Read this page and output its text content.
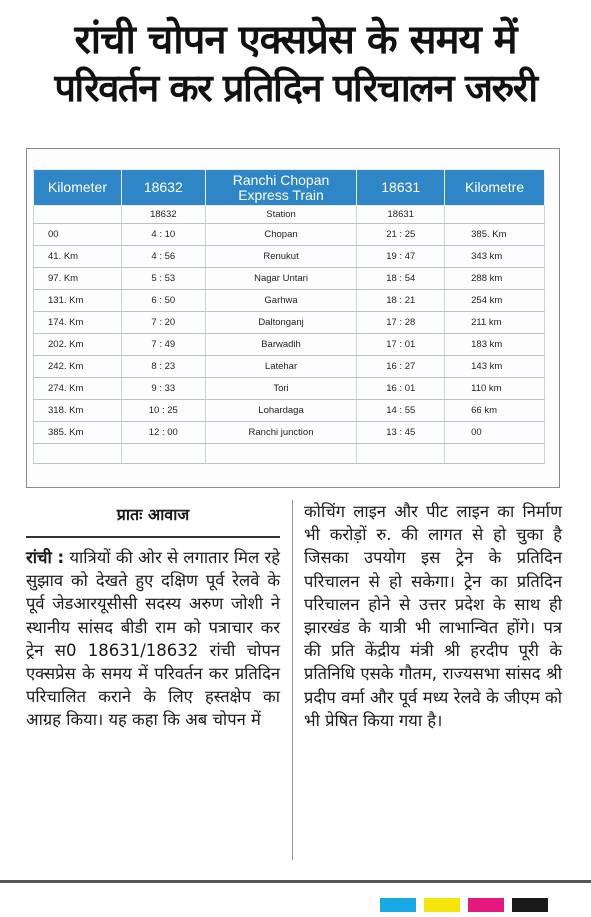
रांची चोपन एक्सप्रेस के समय में
परिवर्तन कर प्रतिदिन परिचालन जरुरी
Kilometer	18632	Ranchi Chopan Express Train	18631	Kilometre
	18632	Station	18631	
00	4 : 10	Chopan	21 : 25	385. Km
41. Km	4 : 56	Renukut	19 : 47	343 km
97. Km	5 : 53	Nagar Untari	18 : 54	288 km
131. Km	6 : 50	Garhwa	18 : 21	254 km
174. Km	7 : 20	Daltonganj	17 : 28	211 km
202. Km	7 : 49	Barwadih	17 : 01	183 km
242. Km	8 : 23	Latehar	16 : 27	143 km
274. Km	9 : 33	Tori	16 : 01	110 km
318. Km	10 : 25	Lohardaga	14 : 55	66 km
385. Km	12 : 00	Ranchi junction	13 : 45	00

प्रातः आवाज

रांची : यात्रियों की ओर से लगातार मिल रहे सुझाव को देखते हुए दक्षिण पूर्व रेलवे के पूर्व जेडआरयूसीसी सदस्य अरुण जोशी ने स्थानीय सांसद बीडी राम को पत्राचार कर ट्रेन स0 18631/18632 रांची चोपन एक्सप्रेस के समय में परिवर्तन कर प्रतिदिन परिचालित कराने के लिए हस्तक्षेप का आग्रह किया। यह कहा कि अब चोपन में

कोचिंग लाइन और पीट लाइन का निर्माण भी करोड़ों रु. की लागत से हो चुका है जिसका उपयोग इस ट्रेन के प्रतिदिन परिचालन से हो सकेगा। ट्रेन का प्रतिदिन परिचालन होने से उत्तर प्रदेश के साथ ही झारखंड के यात्री भी लाभान्वित होंगे। पत्र की प्रति केंद्रीय मंत्री श्री हरदीप पूरी के प्रतिनिधि एसके गौतम, राज्यसभा सांसद श्री प्रदीप वर्मा और पूर्व मध्य रेलवे के जीएम को भी प्रेषित किया गया है।
